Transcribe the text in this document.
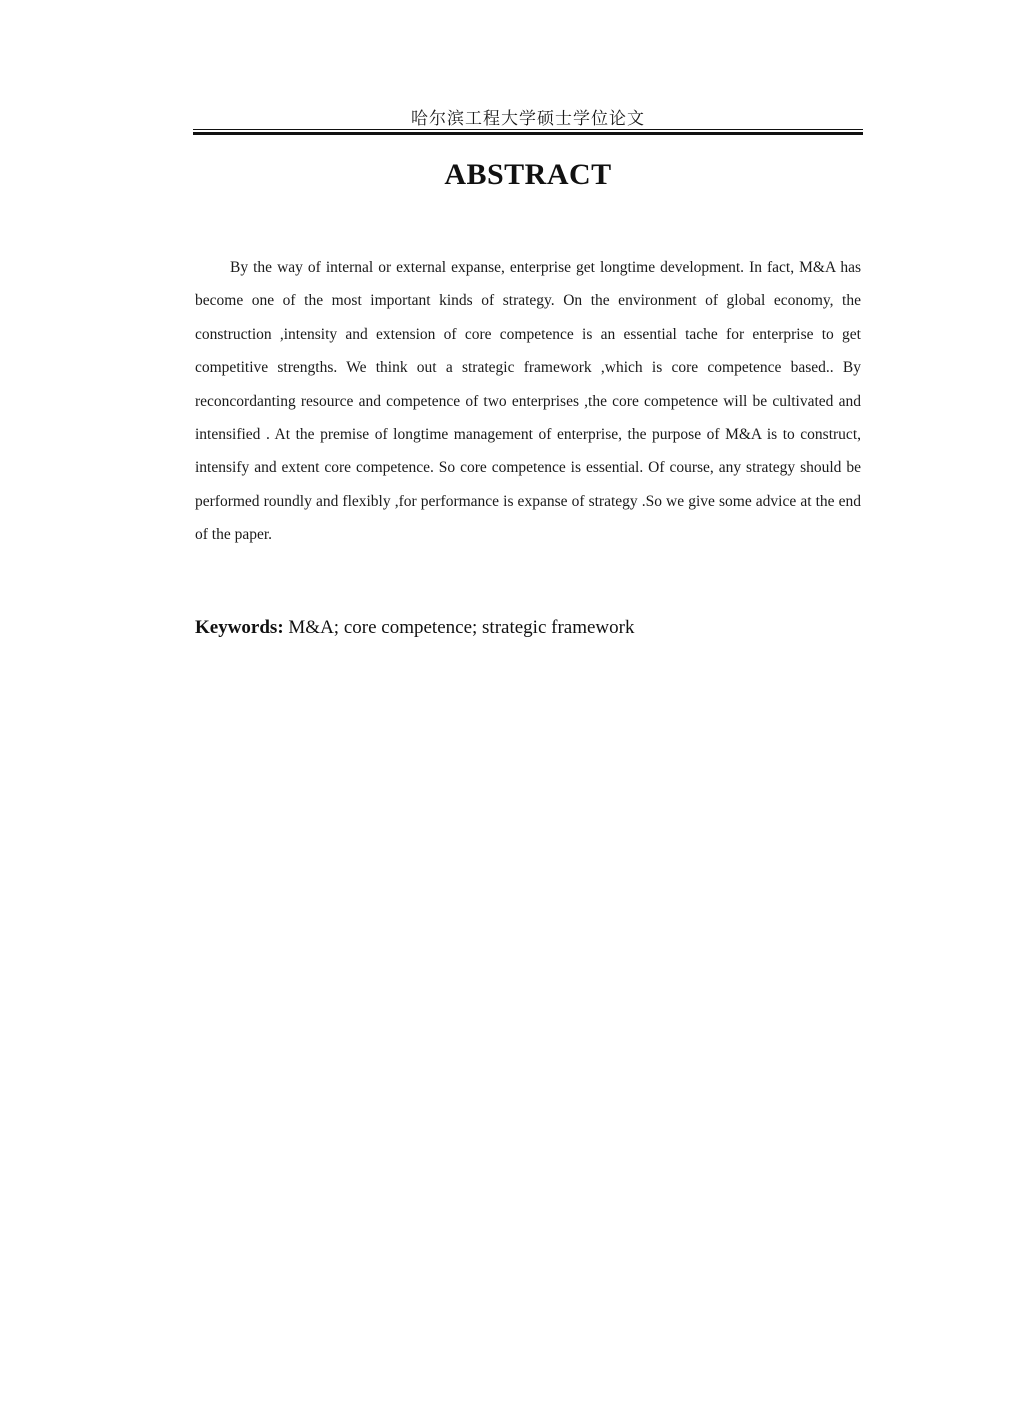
哈尔滨工程大学硕士学位论文
ABSTRACT

By the way of internal or external expanse, enterprise get longtime development. In fact, M&A has become one of the most important kinds of strategy. On the environment of global economy, the construction ,intensity and extension of core competence is an essential tache for enterprise to get competitive strengths. We think out a strategic framework ,which is core competence based.. By reconcordanting resource and competence of two enterprises ,the core competence will be cultivated and intensified . At the premise of longtime management of enterprise, the purpose of M&A is to construct, intensify and extent core competence. So core competence is essential. Of course, any strategy should be performed roundly and flexibly ,for performance is expanse of strategy .So we give some advice at the end of the paper.

Keywords: M&A; core competence; strategic framework
